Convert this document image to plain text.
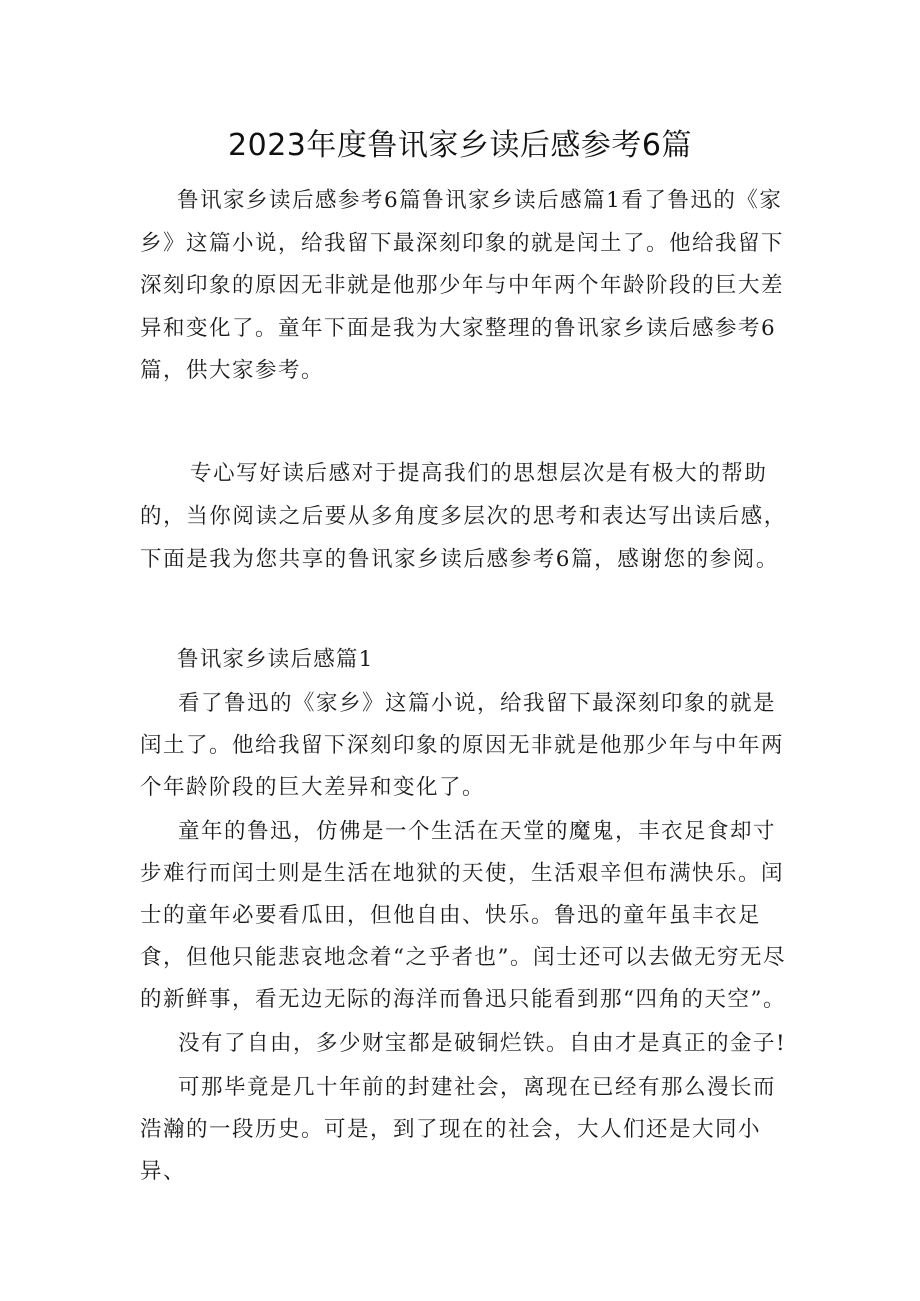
2023年度鲁讯家乡读后感参考6篇

鲁讯家乡读后感参考6篇鲁讯家乡读后感篇1看了鲁迅的《家乡》这篇小说，给我留下最深刻印象的就是闰土了。他给我留下深刻印象的原因无非就是他那少年与中年两个年龄阶段的巨大差异和变化了。童年下面是我为大家整理的鲁讯家乡读后感参考6篇，供大家参考。

专心写好读后感对于提高我们的思想层次是有极大的帮助的，当你阅读之后要从多角度多层次的思考和表达写出读后感，下面是我为您共享的鲁讯家乡读后感参考6篇，感谢您的参阅。

鲁讯家乡读后感篇1

看了鲁迅的《家乡》这篇小说，给我留下最深刻印象的就是闰土了。他给我留下深刻印象的原因无非就是他那少年与中年两个年龄阶段的巨大差异和变化了。

童年的鲁迅，仿佛是一个生活在天堂的魔鬼，丰衣足食却寸步难行而闰士则是生活在地狱的天使，生活艰辛但布满快乐。闰士的童年必要看瓜田，但他自由、快乐。鲁迅的童年虽丰衣足食，但他只能悲哀地念着“之乎者也”。闰士还可以去做无穷无尽的新鲜事，看无边无际的海洋而鲁迅只能看到那“四角的天空”。

没有了自由，多少财宝都是破铜烂铁。自由才是真正的金子!

可那毕竟是几十年前的封建社会，离现在已经有那么漫长而浩瀚的一段历史。可是，到了现在的社会，大人们还是大同小异、
